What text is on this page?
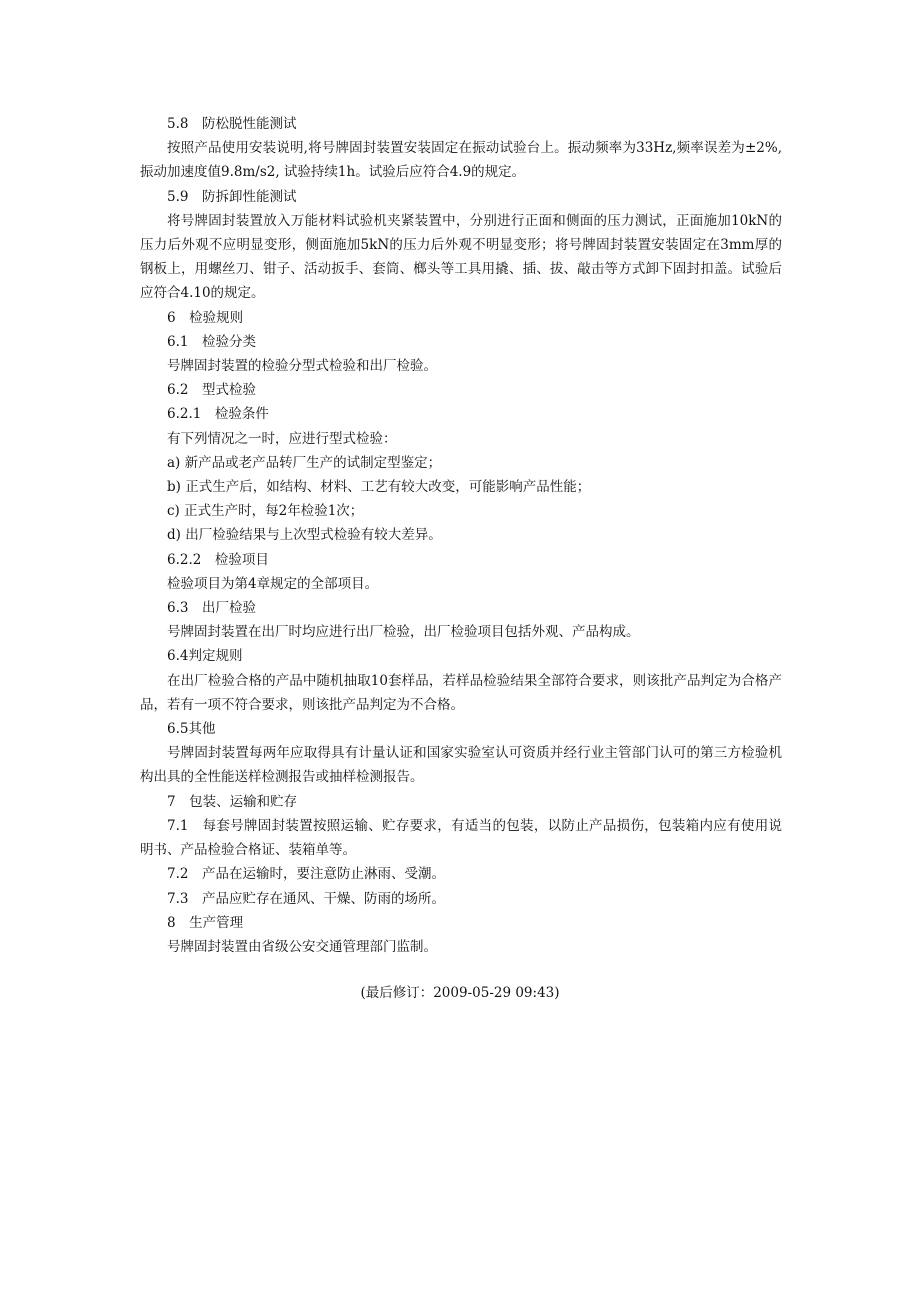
5.8　防松脱性能测试

按照产品使用安装说明,将号牌固封装置安装固定在振动试验台上。振动频率为33Hz,频率误差为±2%,振动加速度值9.8m/s2, 试验持续1h。试验后应符合4.9的规定。

5.9　防拆卸性能测试

将号牌固封装置放入万能材料试验机夹紧装置中，分别进行正面和侧面的压力测试，正面施加10kN的压力后外观不应明显变形，侧面施加5kN的压力后外观不明显变形；将号牌固封装置安装固定在3mm厚的钢板上，用螺丝刀、钳子、活动扳手、套筒、榔头等工具用撬、插、拔、敲击等方式卸下固封扣盖。试验后应符合4.10的规定。

6　检验规则

6.1　检验分类

号牌固封装置的检验分型式检验和出厂检验。

6.2　型式检验

6.2.1　检验条件

有下列情况之一时，应进行型式检验：

a) 新产品或老产品转厂生产的试制定型鉴定；

b) 正式生产后，如结构、材料、工艺有较大改变，可能影响产品性能；

c) 正式生产时，每2年检验1次；

d) 出厂检验结果与上次型式检验有较大差异。

6.2.2　检验项目

检验项目为第4章规定的全部项目。

6.3　出厂检验

号牌固封装置在出厂时均应进行出厂检验，出厂检验项目包括外观、产品构成。

6.4判定规则

在出厂检验合格的产品中随机抽取10套样品，若样品检验结果全部符合要求，则该批产品判定为合格产品，若有一项不符合要求，则该批产品判定为不合格。

6.5其他

号牌固封装置每两年应取得具有计量认证和国家实验室认可资质并经行业主管部门认可的第三方检验机构出具的全性能送样检测报告或抽样检测报告。

7　包装、运输和贮存

7.1　每套号牌固封装置按照运输、贮存要求，有适当的包装，以防止产品损伤，包装箱内应有使用说明书、产品检验合格证、装箱单等。

7.2　产品在运输时，要注意防止淋雨、受潮。

7.3　产品应贮存在通风、干燥、防雨的场所。

8　生产管理

号牌固封装置由省级公安交通管理部门监制。

(最后修订：2009-05-29 09:43)
